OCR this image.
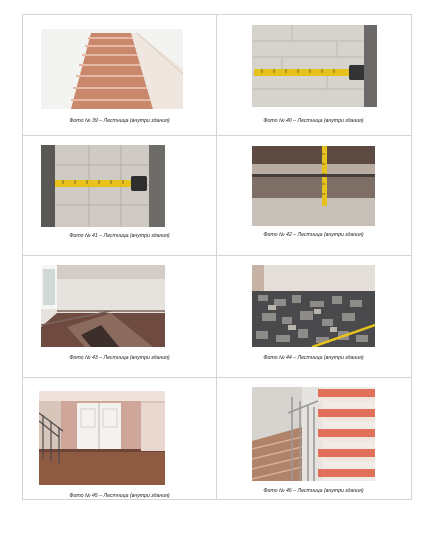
Фото № 39 – Лестница (внутри здания)	Фото № 40 – Лестница (внутри здания)
Фото № 41 – Лестница (внутри здания)	Фото № 42 – Лестница (внутри здания)
Фото № 43 – Лестница (внутри здания)	Фото № 44 – Лестница (внутри здания)
Фото № 45 – Лестница (внутри здания)
Фото № 46 – Лестница (внутри здания)
